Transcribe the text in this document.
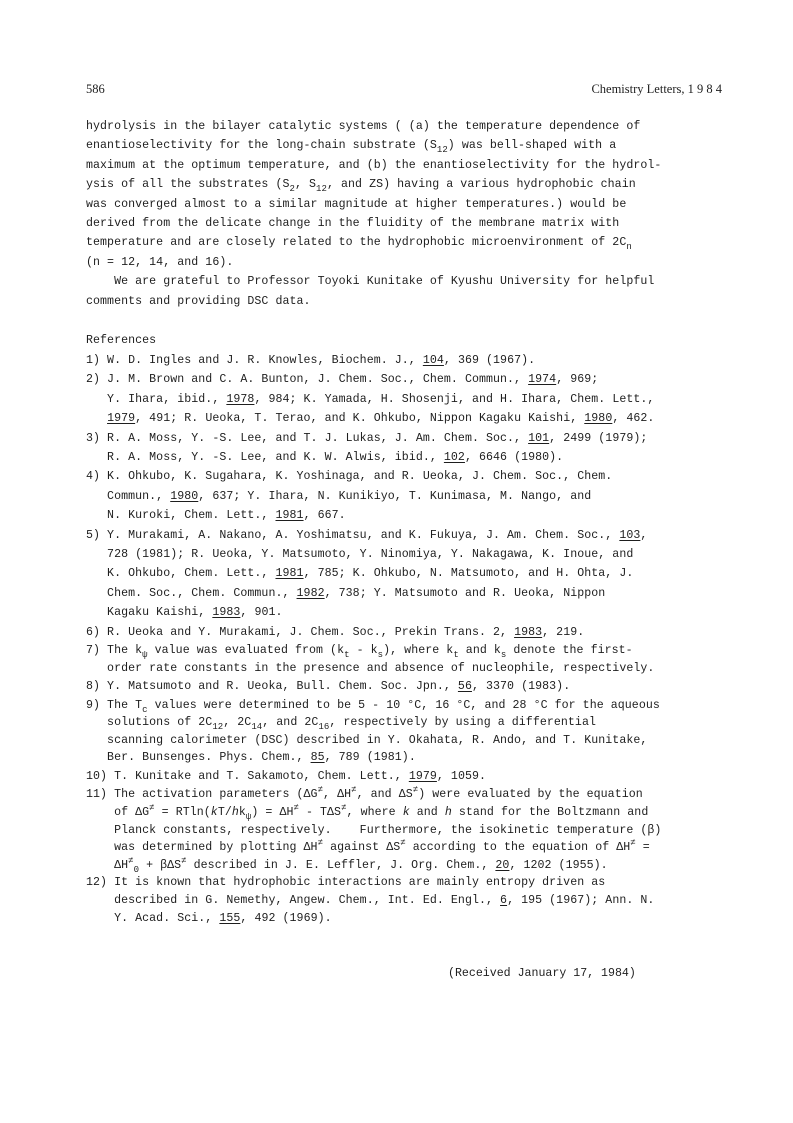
586	Chemistry Letters, 1 9 8 4

hydrolysis in the bilayer catalytic systems ( (a) the temperature dependence of

enantioselectivity for the long-chain substrate $(S_{12})$ was bell-shaped with a

maximum at the optimum temperature, and (b) the enantioselectivity for the hydrol-

ysis of all the substrates ($S_2$, $S_{12}$, and ZS) having a various hydrophobic chain

was converged almost to a similar magnitude at higher temperatures.) would be

derived from the delicate change in the fluidity of the membrane matrix with

temperature and are closely related to the hydrophobic microenvironment of $2C_n$

(n = 12, 14, and 16).

We are grateful to Professor Toyoki Kunitake of Kyushu University for helpful

comments and providing DSC data.

References

1) W. D. Ingles and J. R. Knowles, Biochem. J., 104, 369 (1967).
2) J. M. Brown and C. A. Bunton, J. Chem. Soc., Chem. Commun., 1974, 969;
Y. Ihara, ibid., 1978, 984; K. Yamada, H. Shosenji, and H. Ihara, Chem. Lett.,
1979, 491; R. Ueoka, T. Terao, and K. Ohkubo, Nippon Kagaku Kaishi, 1980, 462.
3) R. A. Moss, Y. -S. Lee, and T. J. Lukas, J. Am. Chem. Soc., 101, 2499 (1979);
R. A. Moss, Y. -S. Lee, and K. W. Alwis, ibid., 102, 6646 (1980).
4) K. Ohkubo, K. Sugahara, K. Yoshinaga, and R. Ueoka, J. Chem. Soc., Chem.
Commun., 1980, 637; Y. Ihara, N. Kunikiyo, T. Kunimasa, M. Nango, and
N. Kuroki, Chem. Lett., 1981, 667.
5) Y. Murakami, A. Nakano, A. Yoshimatsu, and K. Fukuya, J. Am. Chem. Soc., 103,
728 (1981); R. Ueoka, Y. Matsumoto, Y. Ninomiya, Y. Nakagawa, K. Inoue, and
K. Ohkubo, Chem. Lett., 1981, 785; K. Ohkubo, N. Matsumoto, and H. Ohta, J.
Chem. Soc., Chem. Commun., 1982, 738; Y. Matsumoto and R. Ueoka, Nippon
Kagaku Kaishi, 1983, 901.
6) R. Ueoka and Y. Murakami, J. Chem. Soc., Prekin Trans. 2, 1983, 219.
7) The $k_\psi$ value was evaluated from $(k_t - k_s)$, where $k_t$ and $k_s$ denote the first-
order rate constants in the presence and absence of nucleophile, respectively.
8) Y. Matsumoto and R. Ueoka, Bull. Chem. Soc. Jpn., 56, 3370 (1983).
9) The $T_c$ values were determined to be 5 - 10 °C, 16 °C, and 28 °C for the aqueous
solutions of $2C_{12}$, $2C_{14}$, and $2C_{16}$, respectively by using a differential
scanning calorimeter (DSC) described in Y. Okahata, R. Ando, and T. Kunitake,
Ber. Bunsenges. Phys. Chem., 85, 789 (1981).
10) T. Kunitake and T. Sakamoto, Chem. Lett., 1979, 1059.
11) The activation parameters (ΔG≠, ΔH≠, and ΔS≠) were evaluated by the equation
of $\Delta G^\ne = RTln(kT/hk_\psi) = \Delta H^\ne - T\Delta S^\ne$, where k and h stand for the Boltzmann and
Planck constants, respectively.    Furthermore, the isokinetic temperature (β)
was determined by plotting ΔH≠ against ΔS≠ according to the equation of ΔH≠ =
$\Delta H^\ne_0 + \beta\Delta S^\ne$ described in J. E. Leffler, J. Org. Chem., 20, 1202 (1955).
12) It is known that hydrophobic interactions are mainly entropy driven as
described in G. Nemethy, Angew. Chem., Int. Ed. Engl., 6, 195 (1967); Ann. N.
Y. Acad. Sci., 155, 492 (1969).
(Received January 17, 1984)
